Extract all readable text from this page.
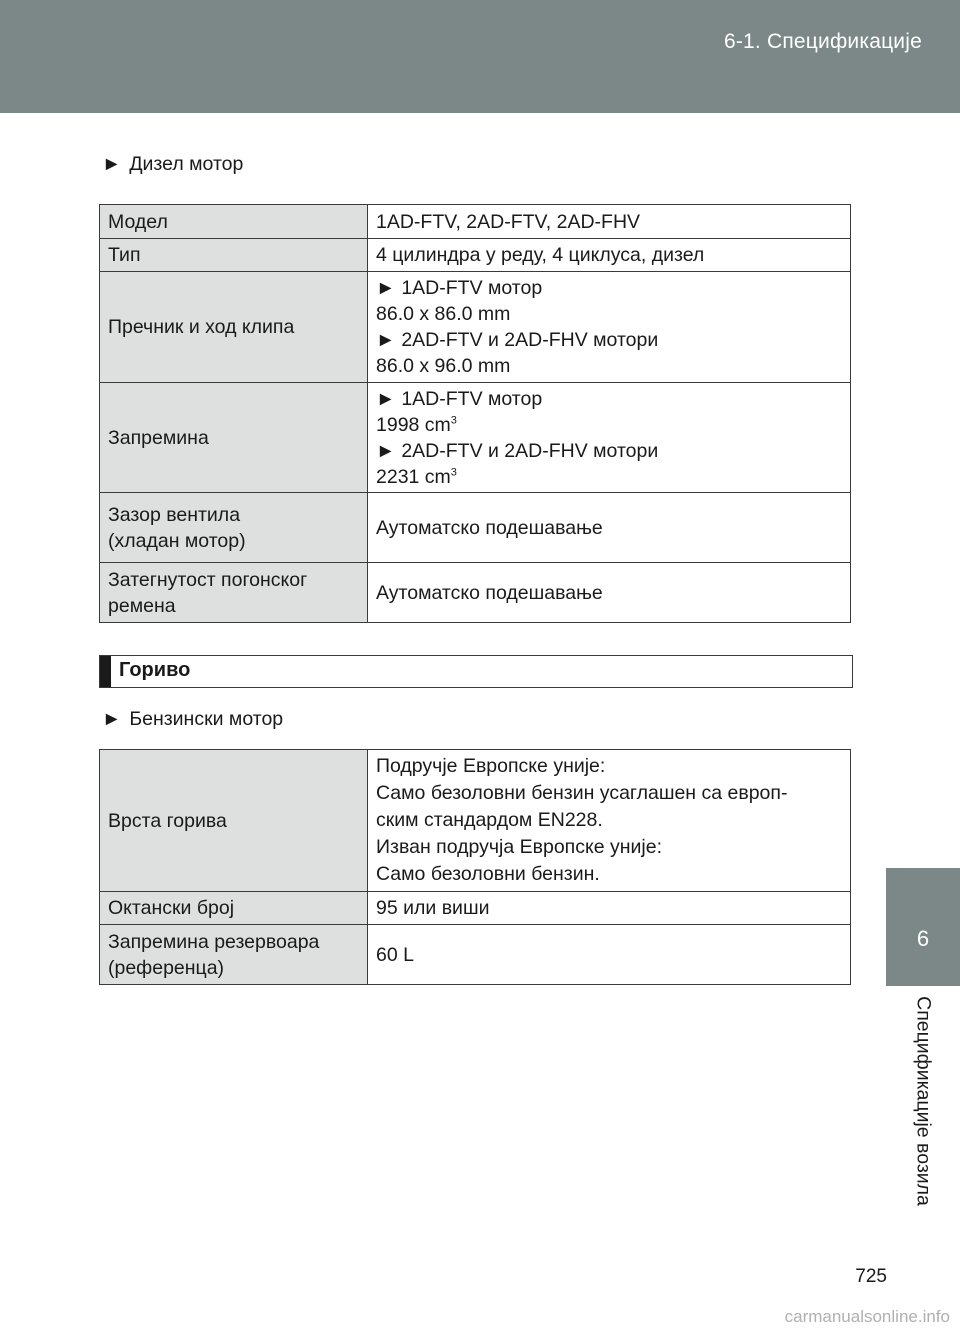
6-1. Спецификације
6
Спецификације возила
► Дизел мотор
Модел	1AD-FTV, 2AD-FTV, 2AD-FHV
Тип	4 цилиндра у реду, 4 циклуса, дизел
Пречник и ход клипа	► 1AD-FTV мотор
86.0 x 86.0 mm
► 2AD-FTV и 2AD-FHV мотори
86.0 x 96.0 mm

Запремина	► 1AD-FTV мотор
1998 $cm^3$
► 2AD-FTV и 2AD-FHV мотори
2231 $cm^3$

Зазор вентила
(хладан мотор)	Аутоматско подешавање

Затегнутост погонског
ремена	Аутоматско подешавање
Гориво
► Бензински мотор
Врста горива	Подручје Европске уније:
Само безоловни бензин усаглашен са европ-
ским стандардом EN228.
Изван подручја Европске уније:
Само безоловни бензин.

Октански број	95 или виши

Запремина резервоара
(референца)	60 L
725
carmanualsonline.info
